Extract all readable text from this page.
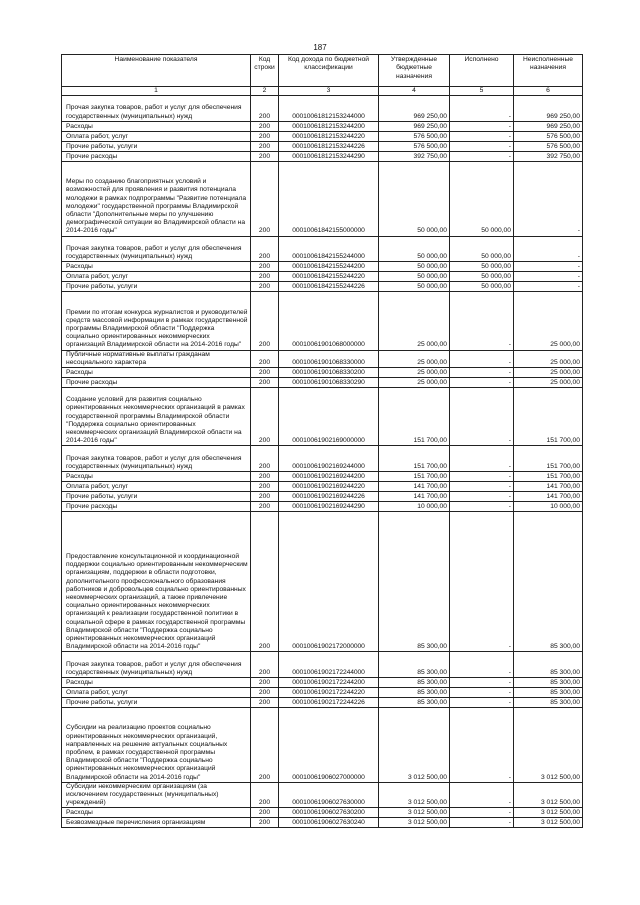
187
Наименование показателя	Код строки	Код дохода по бюджетной классификации	Утвержденные бюджетные назначения	Исполнено	Неисполненные назначения
1	2	3	4	5	6
Прочая закупка товаров, работ и услуг для обеспечения государственных (муниципальных) нужд	200	00010061812153244000	969 250,00	-	969 250,00
Расходы	200	00010061812153244200	969 250,00	-	969 250,00
Оплата работ, услуг	200	00010061812153244220	576 500,00	-	576 500,00
Прочие работы, услуги	200	00010061812153244226	576 500,00	-	576 500,00
Прочие расходы	200	00010061812153244290	392 750,00	-	392 750,00
Меры по созданию благоприятных условий и возможностей для проявления и развития потенциала молодежи в рамках подпрограммы "Развитие потенциала молодежи" государственной программы Владимирской области "Дополнительные меры по улучшению демографической ситуации во Владимирской области на 2014-2016 годы"	200	00010061842155000000	50 000,00	50 000,00	-
Прочая закупка товаров, работ и услуг для обеспечения государственных (муниципальных) нужд	200	00010061842155244000	50 000,00	50 000,00	-
Расходы	200	00010061842155244200	50 000,00	50 000,00	-
Оплата работ, услуг	200	00010061842155244220	50 000,00	50 000,00	-
Прочие работы, услуги	200	00010061842155244226	50 000,00	50 000,00	-
Премии по итогам конкурса журналистов и руководителей средств массовой информации в рамках государственной программы Владимирской области "Поддержка социально ориентированных некоммерческих организаций Владимирской области на 2014-2016 годы"	200	00010061901068000000	25 000,00	-	25 000,00
Публичные нормативные выплаты гражданам несоциального характера	200	00010061901068330000	25 000,00	-	25 000,00
Расходы	200	00010061901068330200	25 000,00	-	25 000,00
Прочие расходы	200	00010061901068330290	25 000,00	-	25 000,00
Создание условий для развития социально ориентированных некоммерческих организаций в рамках государственной программы Владимирской области "Поддержка социально ориентированных некоммерческих организаций Владимирской области на 2014-2016 годы"	200	00010061902169000000	151 700,00	-	151 700,00
Прочая закупка товаров, работ и услуг для обеспечения государственных (муниципальных) нужд	200	00010061902169244000	151 700,00	-	151 700,00
Расходы	200	00010061902169244200	151 700,00	-	151 700,00
Оплата работ, услуг	200	00010061902169244220	141 700,00	-	141 700,00
Прочие работы, услуги	200	00010061902169244226	141 700,00	-	141 700,00
Прочие расходы	200	00010061902169244290	10 000,00	-	10 000,00
Предоставление консультационной и координационной поддержки социально ориентированным некоммерческим организациям, поддержки в области подготовки, дополнительного профессионального образования работников и добровольцев социально ориентированных некоммерческих организаций, а также привлечение социально ориентированных некоммерческих организаций к реализации государственной политики в социальной сфере в рамках государственной программы Владимирской области "Поддержка социально ориентированных некоммерческих организаций Владимирской области на 2014-2016 годы"	200	00010061902172000000	85 300,00	-	85 300,00
Прочая закупка товаров, работ и услуг для обеспечения государственных (муниципальных) нужд	200	00010061902172244000	85 300,00	-	85 300,00
Расходы	200	00010061902172244200	85 300,00	-	85 300,00
Оплата работ, услуг	200	00010061902172244220	85 300,00	-	85 300,00
Прочие работы, услуги	200	00010061902172244226	85 300,00	-	85 300,00
Субсидии на реализацию проектов социально ориентированных некоммерческих организаций, направленных на решение актуальных социальных проблем, в рамках государственной программы Владимирской области "Поддержка социально ориентированных некоммерческих организаций Владимирской области на 2014-2016 годы"	200	00010061906027000000	3 012 500,00	-	3 012 500,00
Субсидии некоммерческим организациям (за исключением государственных (муниципальных) учреждений)	200	00010061906027630000	3 012 500,00	-	3 012 500,00
Расходы	200	00010061906027630200	3 012 500,00	-	3 012 500,00
Безвозмездные перечисления организациям	200	00010061906027630240	3 012 500,00	-	3 012 500,00
